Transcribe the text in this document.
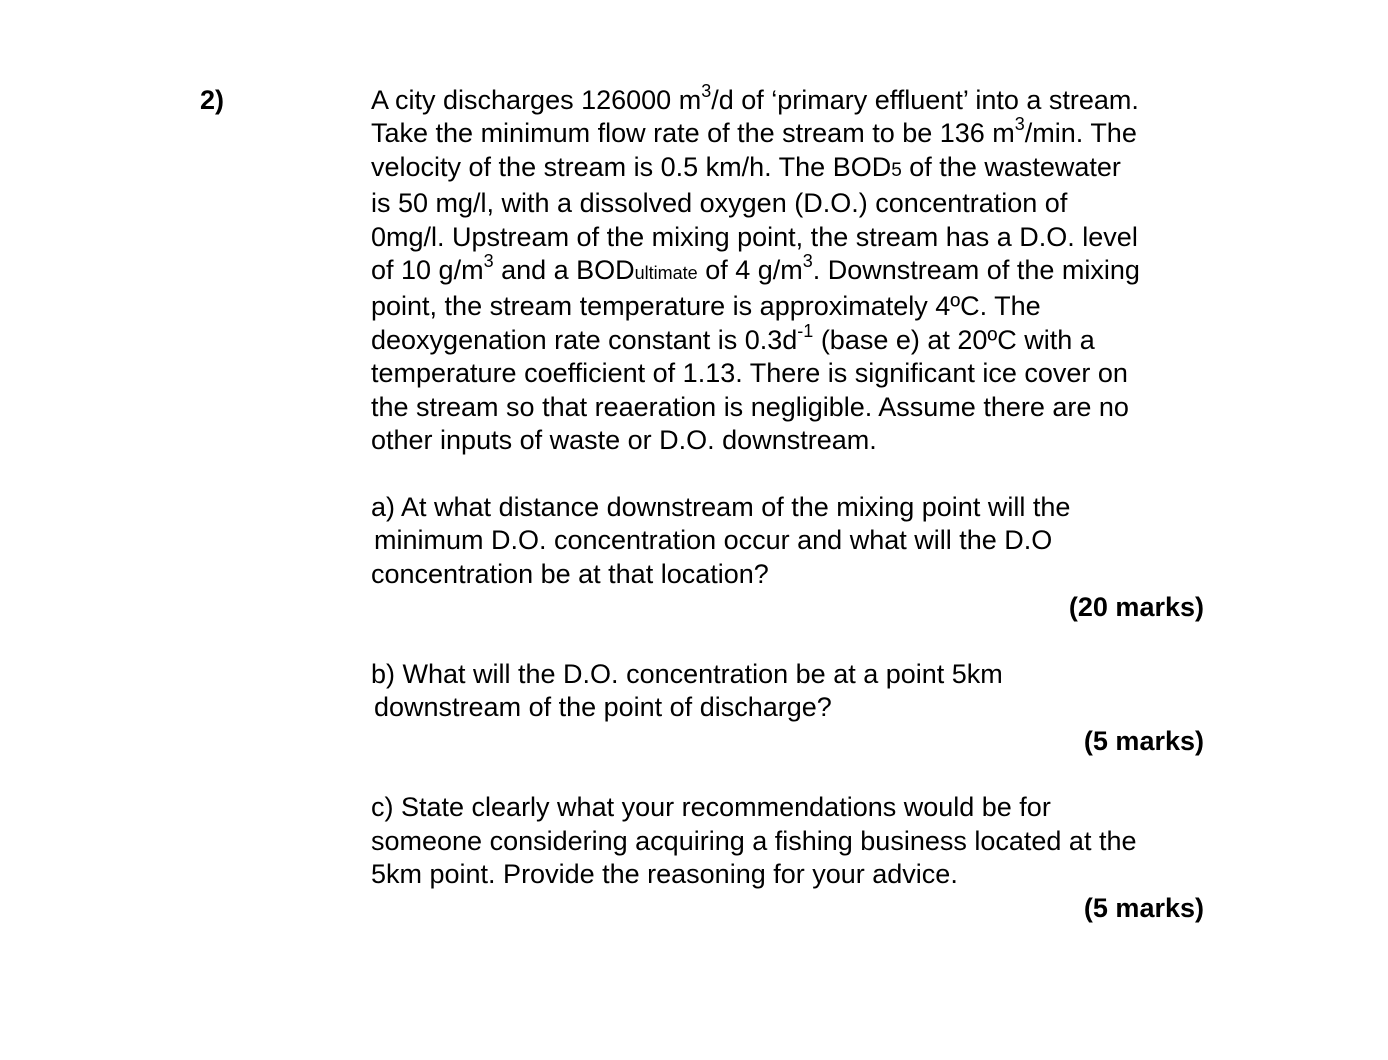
2)	A city discharges 126000 $m^3/d$ of ‘primary effluent’ into a stream.
Take the minimum flow rate of the stream to be 136 $m^3/\min$. The
velocity of the stream is 0.5 km/h. The BOD5 of the wastewater
is 50 mg/l, with a dissolved oxygen (D.O.) concentration of
0mg/l. Upstream of the mixing point, the stream has a D.O. level
of 10 $g/m^3$ and a BODultimate of 4 $g/m^3$. Downstream of the mixing
point, the stream temperature is approximately 4ºC. The
deoxygenation rate constant is $0.3d^{-1}$ (base e) at 20ºC with a
temperature coefficient of 1.13. There is significant ice cover on
the stream so that reaeration is negligible. Assume there are no
other inputs of waste or D.O. downstream.

a) At what distance downstream of the mixing point will the
minimum D.O. concentration occur and what will the D.O
concentration be at that location?
(20 marks)
b) What will the D.O. concentration be at a point 5km
downstream of the point of discharge?
(5 marks)
c) State clearly what your recommendations would be for
someone considering acquiring a fishing business located at the
5km point. Provide the reasoning for your advice.
(5 marks)
